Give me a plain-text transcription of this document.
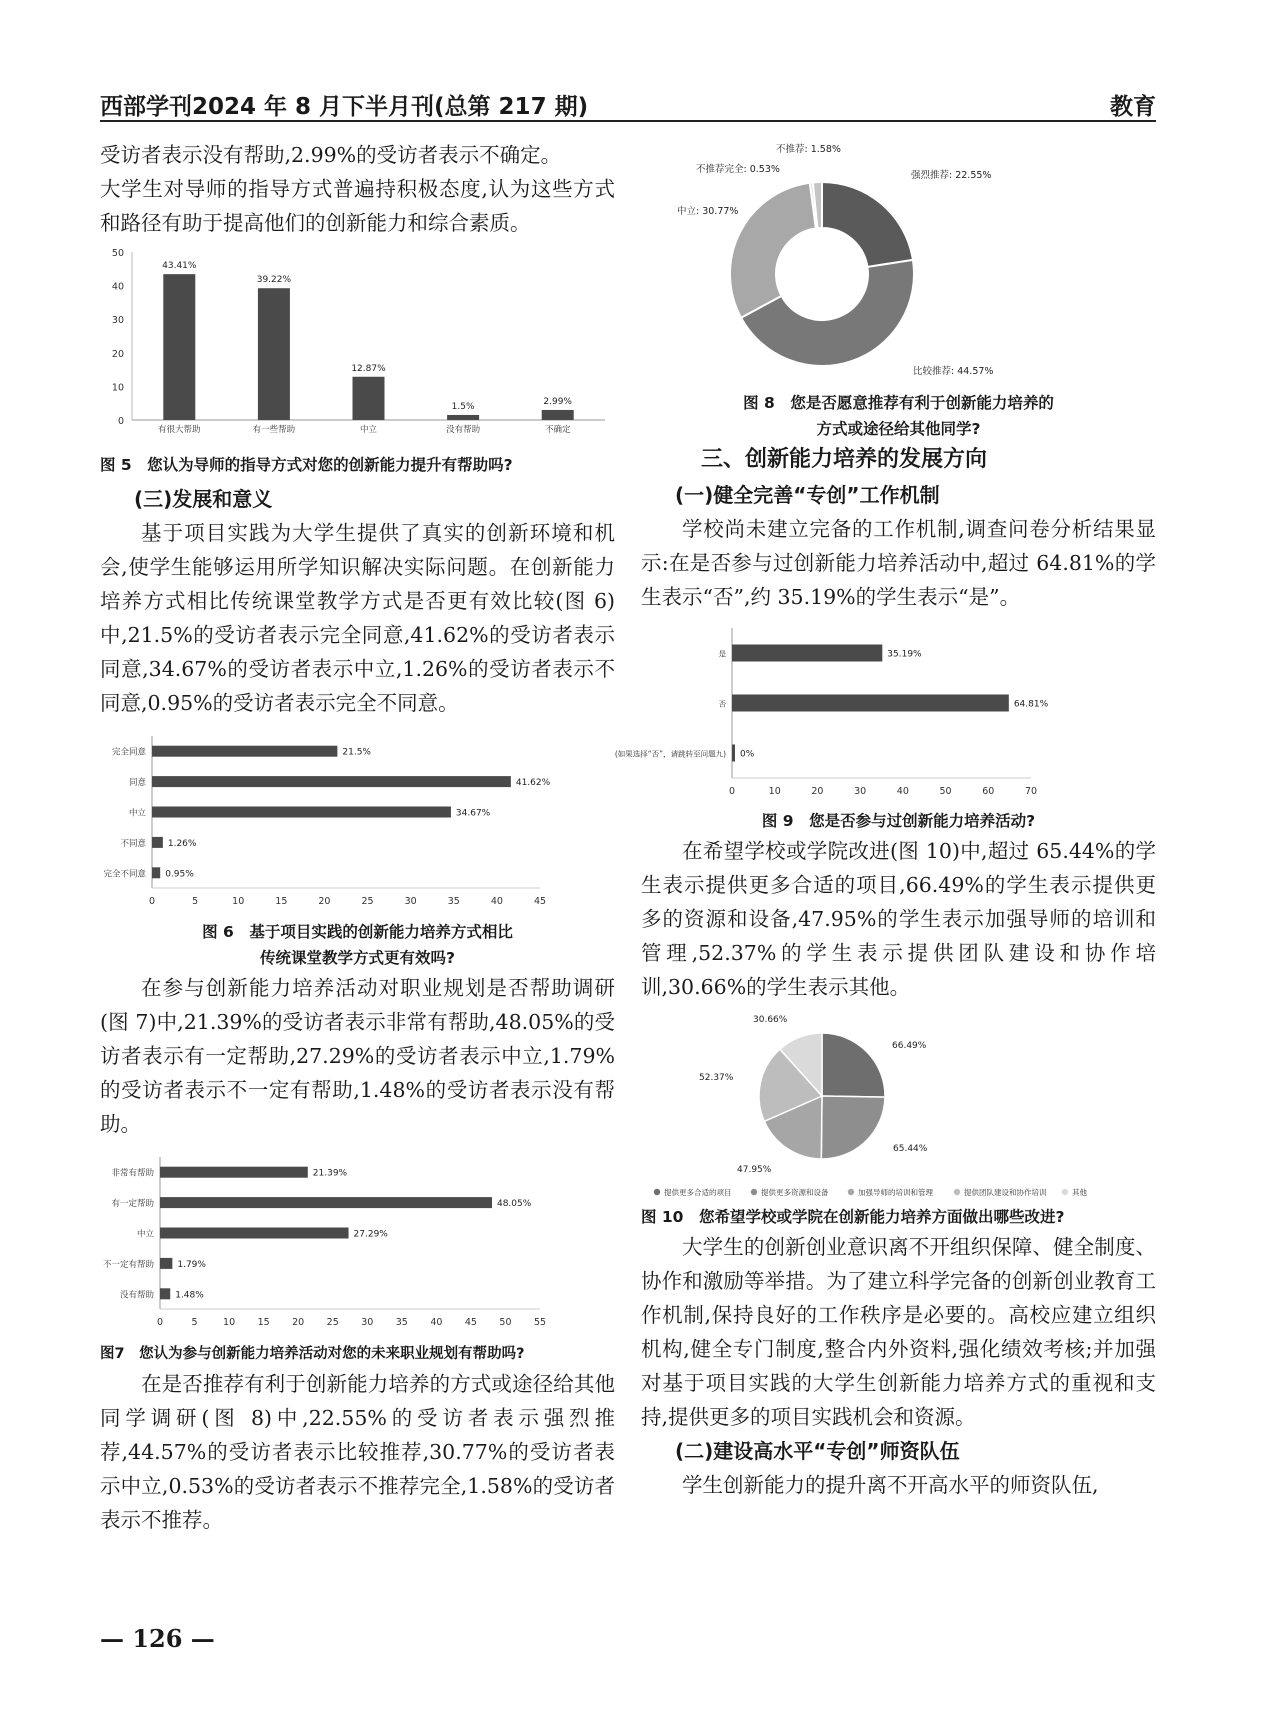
西部学刊2024 年 8 月下半月刊(总第 217 期)	教育

受访者表示没有帮助,2.99%的受访者表示不确定。

大学生对导师的指导方式普遍持积极态度,认为这些方式和路径有助于提高他们的创新能力和综合素质。

0
10
20
30
40
50
43.41%
有很大帮助
39.22%
有一些帮助
12.87%
中立
1.5%
没有帮助
2.99%
不确定
图 5　您认为导师的指导方式对您的创新能力提升有帮助吗?
(三)发展和意义

基于项目实践为大学生提供了真实的创新环境和机会,使学生能够运用所学知识解决实际问题。在创新能力培养方式相比传统课堂教学方式是否更有效比较(图 6)中,21.5%的受访者表示完全同意,41.62%的受访者表示同意,34.67%的受访者表示中立,1.26%的受访者表示不同意,0.95%的受访者表示完全不同意。

0	5	10	15	20	25	30	35	40	45
21.5%
完全同意
41.62%
同意
34.67%
中立
1.26%
不同意
0.95%
完全不同意
图 6　基于项目实践的创新能力培养方式相比
传统课堂教学方式更有效吗?

在参与创新能力培养活动对职业规划是否帮助调研(图 7)中,21.39%的受访者表示非常有帮助,48.05%的受访者表示有一定帮助,27.29%的受访者表示中立,1.79%的受访者表示不一定有帮助,1.48%的受访者表示没有帮助。

0	5	10 15 20 25 30 35 40 45 50 55
21.39%
非常有帮助
48.05%
有一定帮助
27.29%
中立
1.79%
不一定有帮助
1.48%
没有帮助
图7　您认为参与创新能力培养活动对您的未来职业规划有帮助吗?

在是否推荐有利于创新能力培养的方式或途径给其他同学调研(图 8)中,22.55%的受访者表示强烈推荐,44.57%的受访者表示比较推荐,30.77%的受访者表示中立,0.53%的受访者表示不推荐完全,1.58%的受访者表示不推荐。

强烈推荐: 22.55%
比较推荐: 44.57%
中立: 30.77%
不推荐完全: 0.53%
不推荐: 1.58%
图 8　您是否愿意推荐有利于创新能力培养的
方式或途径给其他同学?
三、创新能力培养的发展方向
(一)健全完善“专创”工作机制

学校尚未建立完备的工作机制,调查问卷分析结果显示:在是否参与过创新能力培养活动中,超过 64.81%的学生表示“否”,约 35.19%的学生表示“是”。

0	10	20	30	40	50	60	70
35.19%
是
64.81%
否
0%
(如果选择“否”，请跳转至问题九)
图 9　您是否参与过创新能力培养活动?

在希望学校或学院改进(图 10)中,超过 65.44%的学生表示提供更多合适的项目,66.49%的学生表示提供更多的资源和设备,47.95%的学生表示加强导师的培训和管理,52.37%的学生表示提供团队建设和协作培训,30.66%的学生表示其他。

66.49%
65.44%
47.95%
52.37%
30.66%
提供更多合适的项目	提供更多资源和设备	加强导师的培训和管理	提供团队建设和协作培训	其他
图 10　您希望学校或学院在创新能力培养方面做出哪些改进?

大学生的创新创业意识离不开组织保障、健全制度、协作和激励等举措。为了建立科学完备的创新创业教育工作机制,保持良好的工作秩序是必要的。高校应建立组织机构,健全专门制度,整合内外资料,强化绩效考核;并加强对基于项目实践的大学生创新能力培养方式的重视和支持,提供更多的项目实践机会和资源。

(二)建设高水平“专创”师资队伍

学生创新能力的提升离不开高水平的师资队伍,

— 126 —
